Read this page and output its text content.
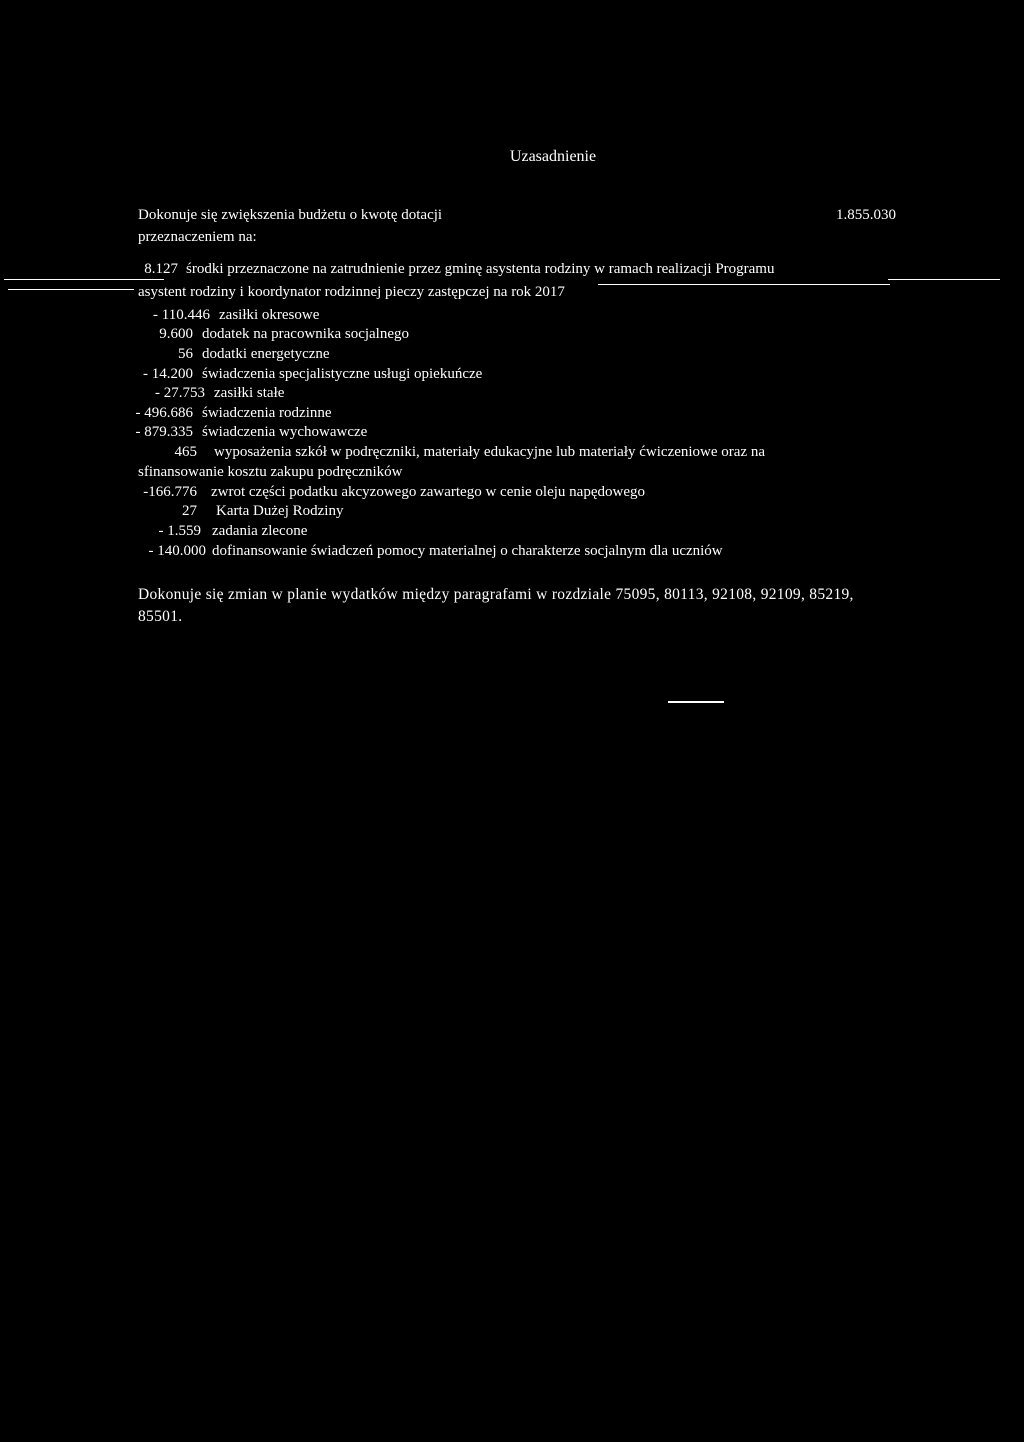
Uzasadnienie
Dokonuje się zwiększenia budżetu o kwotę dotacji	1.855.030
przeznaczeniem na:
8.127 środki przeznaczone na zatrudnienie przez gminę asystenta rodziny w ramach realizacji Programu
asystent rodziny i koordynator rodzinnej pieczy zastępczej na rok 2017
- 110.446 zasiłki okresowe
9.600 dodatek na pracownika socjalnego
56 dodatki energetyczne
- 14.200 świadczenia specjalistyczne usługi opiekuńcze
- 27.753 zasiłki stałe
- 496.686 świadczenia rodzinne
- 879.335 świadczenia wychowawcze
465 wyposażenia szkół w podręczniki, materiały edukacyjne lub materiały ćwiczeniowe oraz na
sfinansowanie kosztu zakupu podręczników
-166.776 zwrot części podatku akcyzowego zawartego w cenie oleju napędowego
27 Karta Dużej Rodziny
- 1.559 zadania zlecone
- 140.000 dofinansowanie świadczeń pomocy materialnej o charakterze socjalnym dla uczniów
Dokonuje się zmian w planie wydatków między paragrafami w rozdziale 75095, 80113, 92108, 92109, 85219, 85501.
